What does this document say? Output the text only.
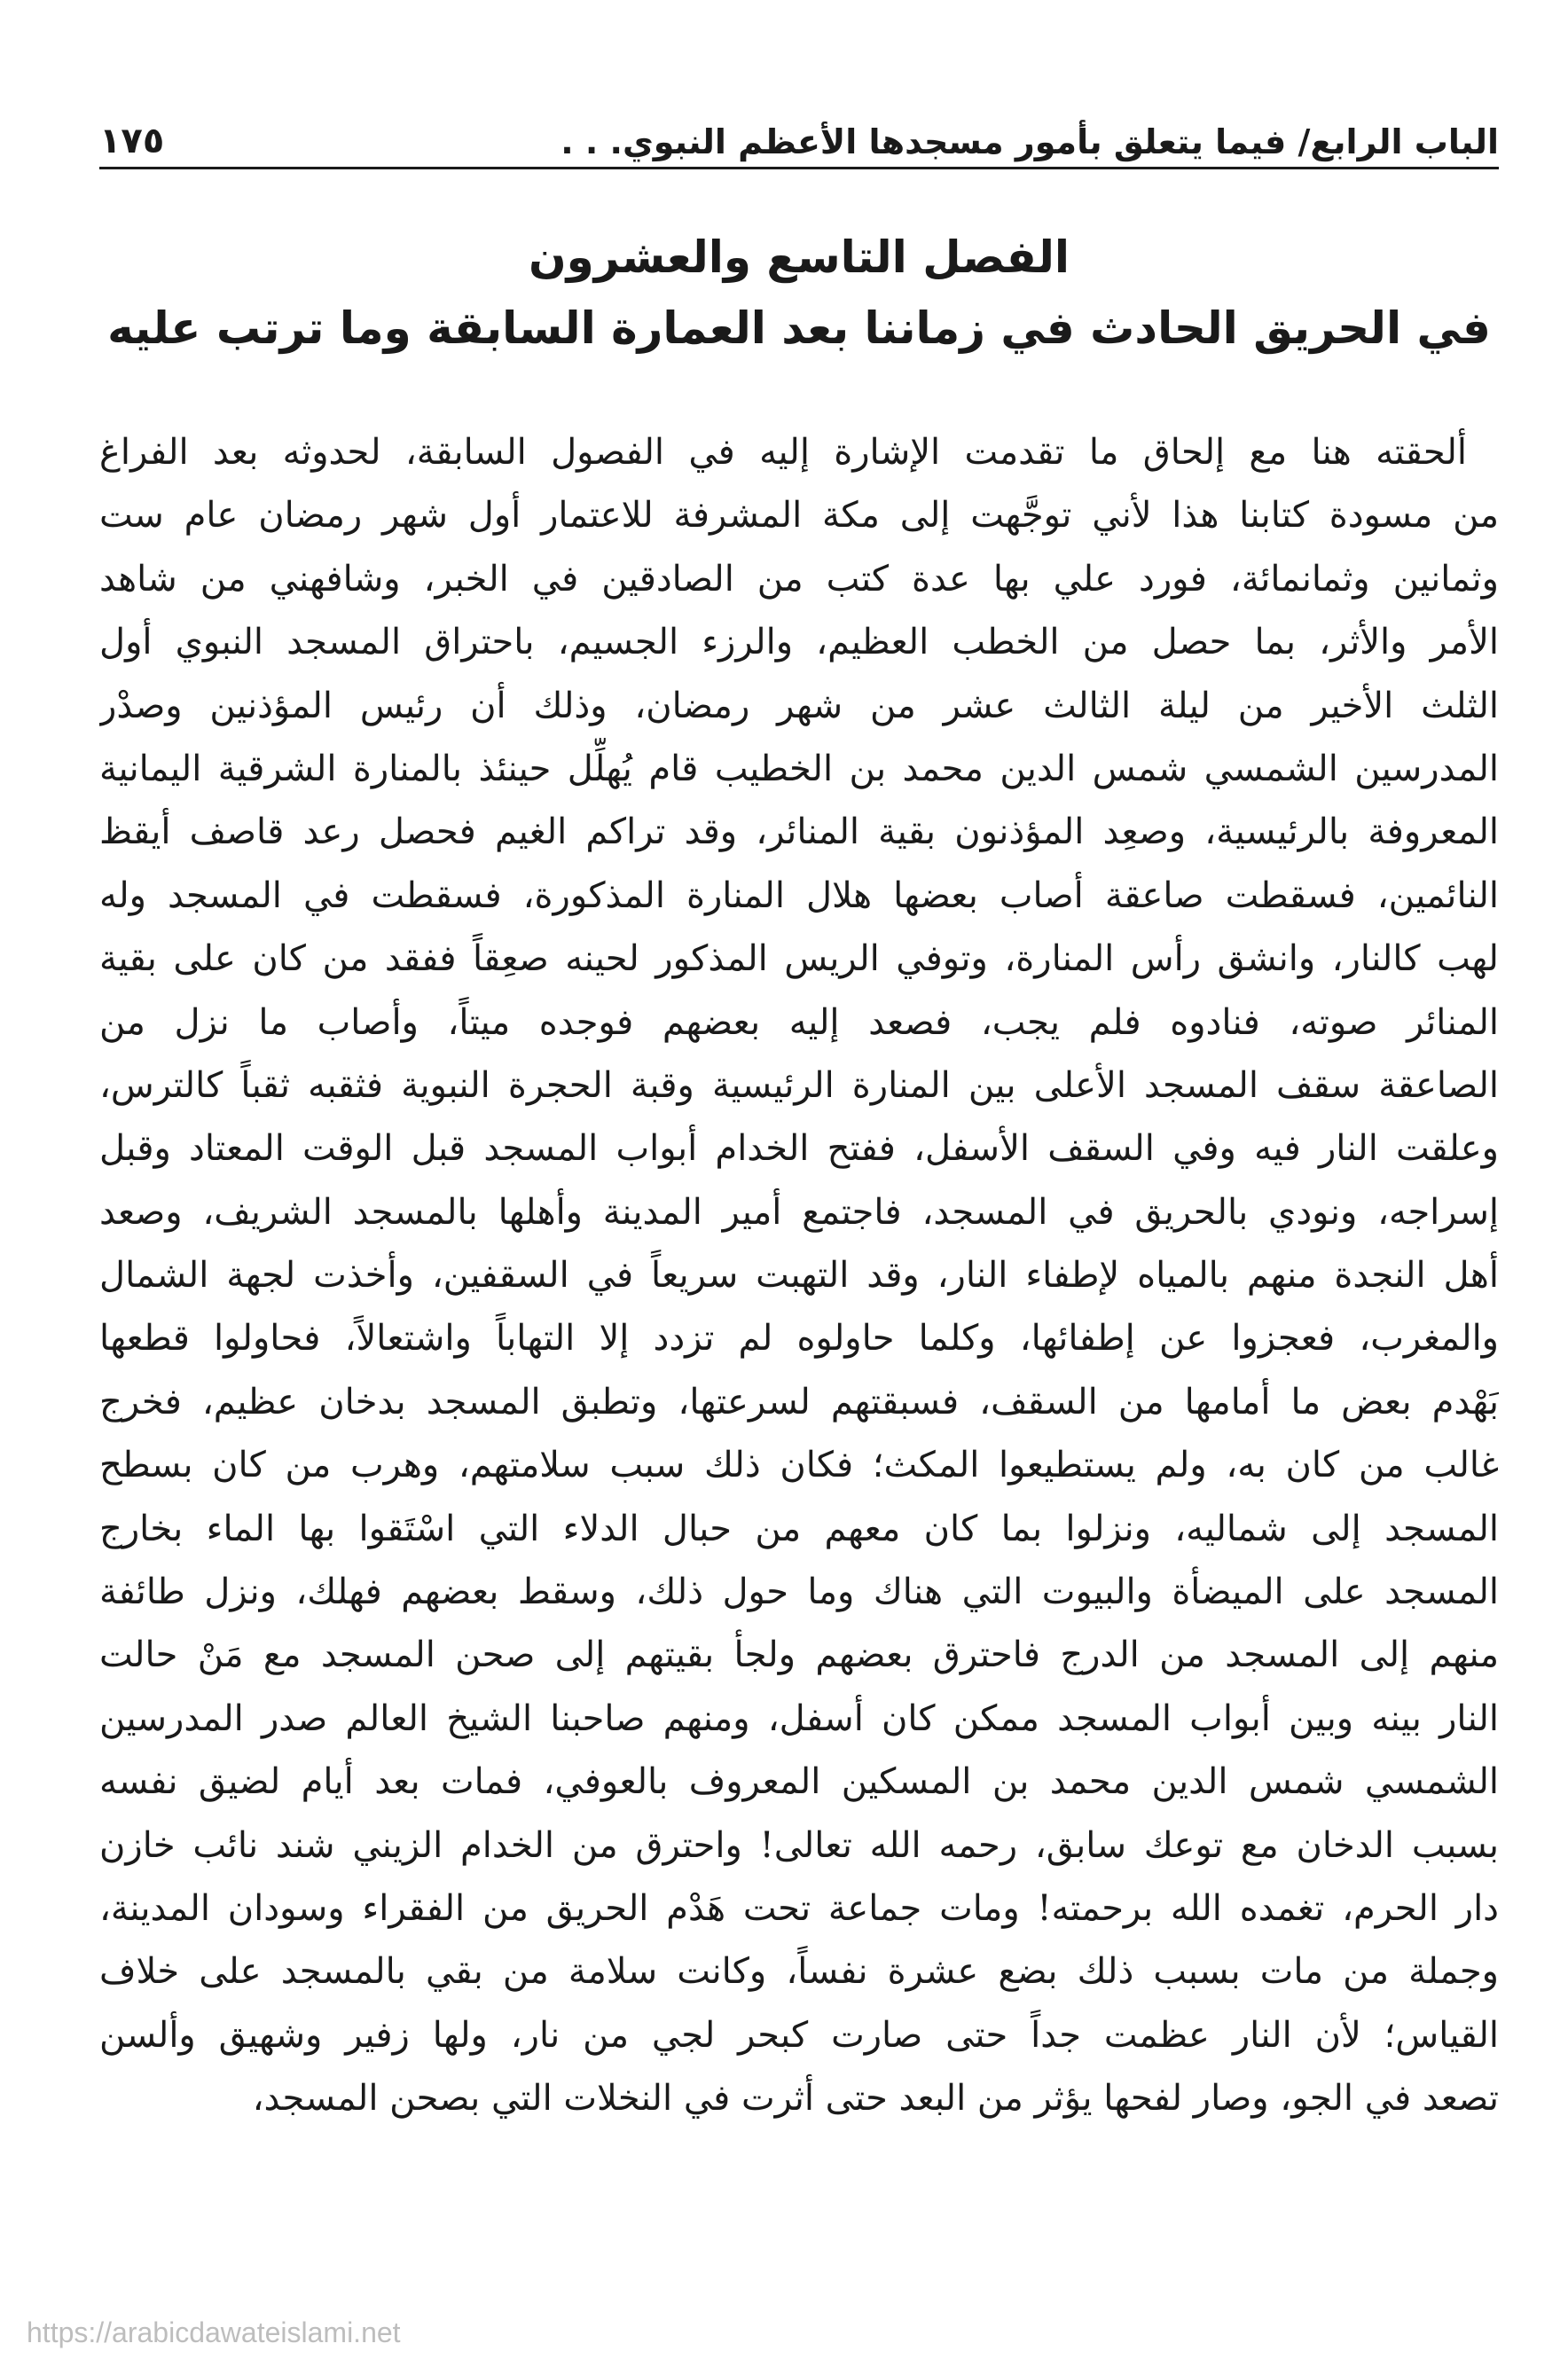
الباب الرابع/ فيما يتعلق بأمور مسجدها الأعظم النبوي. . .
١٧٥
الفصل التاسع والعشرون
في الحريق الحادث في زماننا بعد العمارة السابقة وما ترتب عليه
ألحقته هنا مع إلحاق ما تقدمت الإشارة إليه في الفصول السابقة، لحدوثه بعد الفراغ
من مسودة كتابنا هذا لأني توجَّهت إلى مكة المشرفة للاعتمار أول شهر رمضان عام ست
وثمانين وثمانمائة، فورد علي بها عدة كتب من الصادقين في الخبر، وشافهني من شاهد
الأمر والأثر، بما حصل من الخطب العظيم، والرزء الجسيم، باحتراق المسجد النبوي أول
الثلث الأخير من ليلة الثالث عشر من شهر رمضان، وذلك أن رئيس المؤذنين وصدْر
المدرسين الشمسي شمس الدين محمد بن الخطيب قام يُهلِّل حينئذ بالمنارة الشرقية اليمانية
المعروفة بالرئيسية، وصعِد المؤذنون بقية المنائر، وقد تراكم الغيم فحصل رعد قاصف أيقظ
النائمين، فسقطت صاعقة أصاب بعضها هلال المنارة المذكورة، فسقطت في المسجد وله
لهب كالنار، وانشق رأس المنارة، وتوفي الريس المذكور لحينه صعِقاً ففقد من كان على بقية
المنائر صوته، فنادوه فلم يجب، فصعد إليه بعضهم فوجده ميتاً، وأصاب ما نزل من
الصاعقة سقف المسجد الأعلى بين المنارة الرئيسية وقبة الحجرة النبوية فثقبه ثقباً كالترس،
وعلقت النار فيه وفي السقف الأسفل، ففتح الخدام أبواب المسجد قبل الوقت المعتاد وقبل
إسراجه، ونودي بالحريق في المسجد، فاجتمع أمير المدينة وأهلها بالمسجد الشريف، وصعد
أهل النجدة منهم بالمياه لإطفاء النار، وقد التهبت سريعاً في السقفين، وأخذت لجهة الشمال
والمغرب، فعجزوا عن إطفائها، وكلما حاولوه لم تزدد إلا التهاباً واشتعالاً، فحاولوا قطعها
بَهْدم بعض ما أمامها من السقف، فسبقتهم لسرعتها، وتطبق المسجد بدخان عظيم، فخرج
غالب من كان به، ولم يستطيعوا المكث؛ فكان ذلك سبب سلامتهم، وهرب من كان بسطح
المسجد إلى شماليه، ونزلوا بما كان معهم من حبال الدلاء التي اسْتَقوا بها الماء بخارج
المسجد على الميضأة والبيوت التي هناك وما حول ذلك، وسقط بعضهم فهلك، ونزل طائفة
منهم إلى المسجد من الدرج فاحترق بعضهم ولجأ بقيتهم إلى صحن المسجد مع مَنْ حالت
النار بينه وبين أبواب المسجد ممكن كان أسفل، ومنهم صاحبنا الشيخ العالم صدر المدرسين
الشمسي شمس الدين محمد بن المسكين المعروف بالعوفي، فمات بعد أيام لضيق نفسه
بسبب الدخان مع توعك سابق، رحمه الله تعالى! واحترق من الخدام الزيني شند نائب خازن
دار الحرم، تغمده الله برحمته! ومات جماعة تحت هَدْم الحريق من الفقراء وسودان المدينة،
وجملة من مات بسبب ذلك بضع عشرة نفساً، وكانت سلامة من بقي بالمسجد على خلاف
القياس؛ لأن النار عظمت جداً حتى صارت كبحر لجي من نار، ولها زفير وشهيق وألسن
تصعد في الجو، وصار لفحها يؤثر من البعد حتى أثرت في النخلات التي بصحن المسجد،
https://arabicdawateislami.net
